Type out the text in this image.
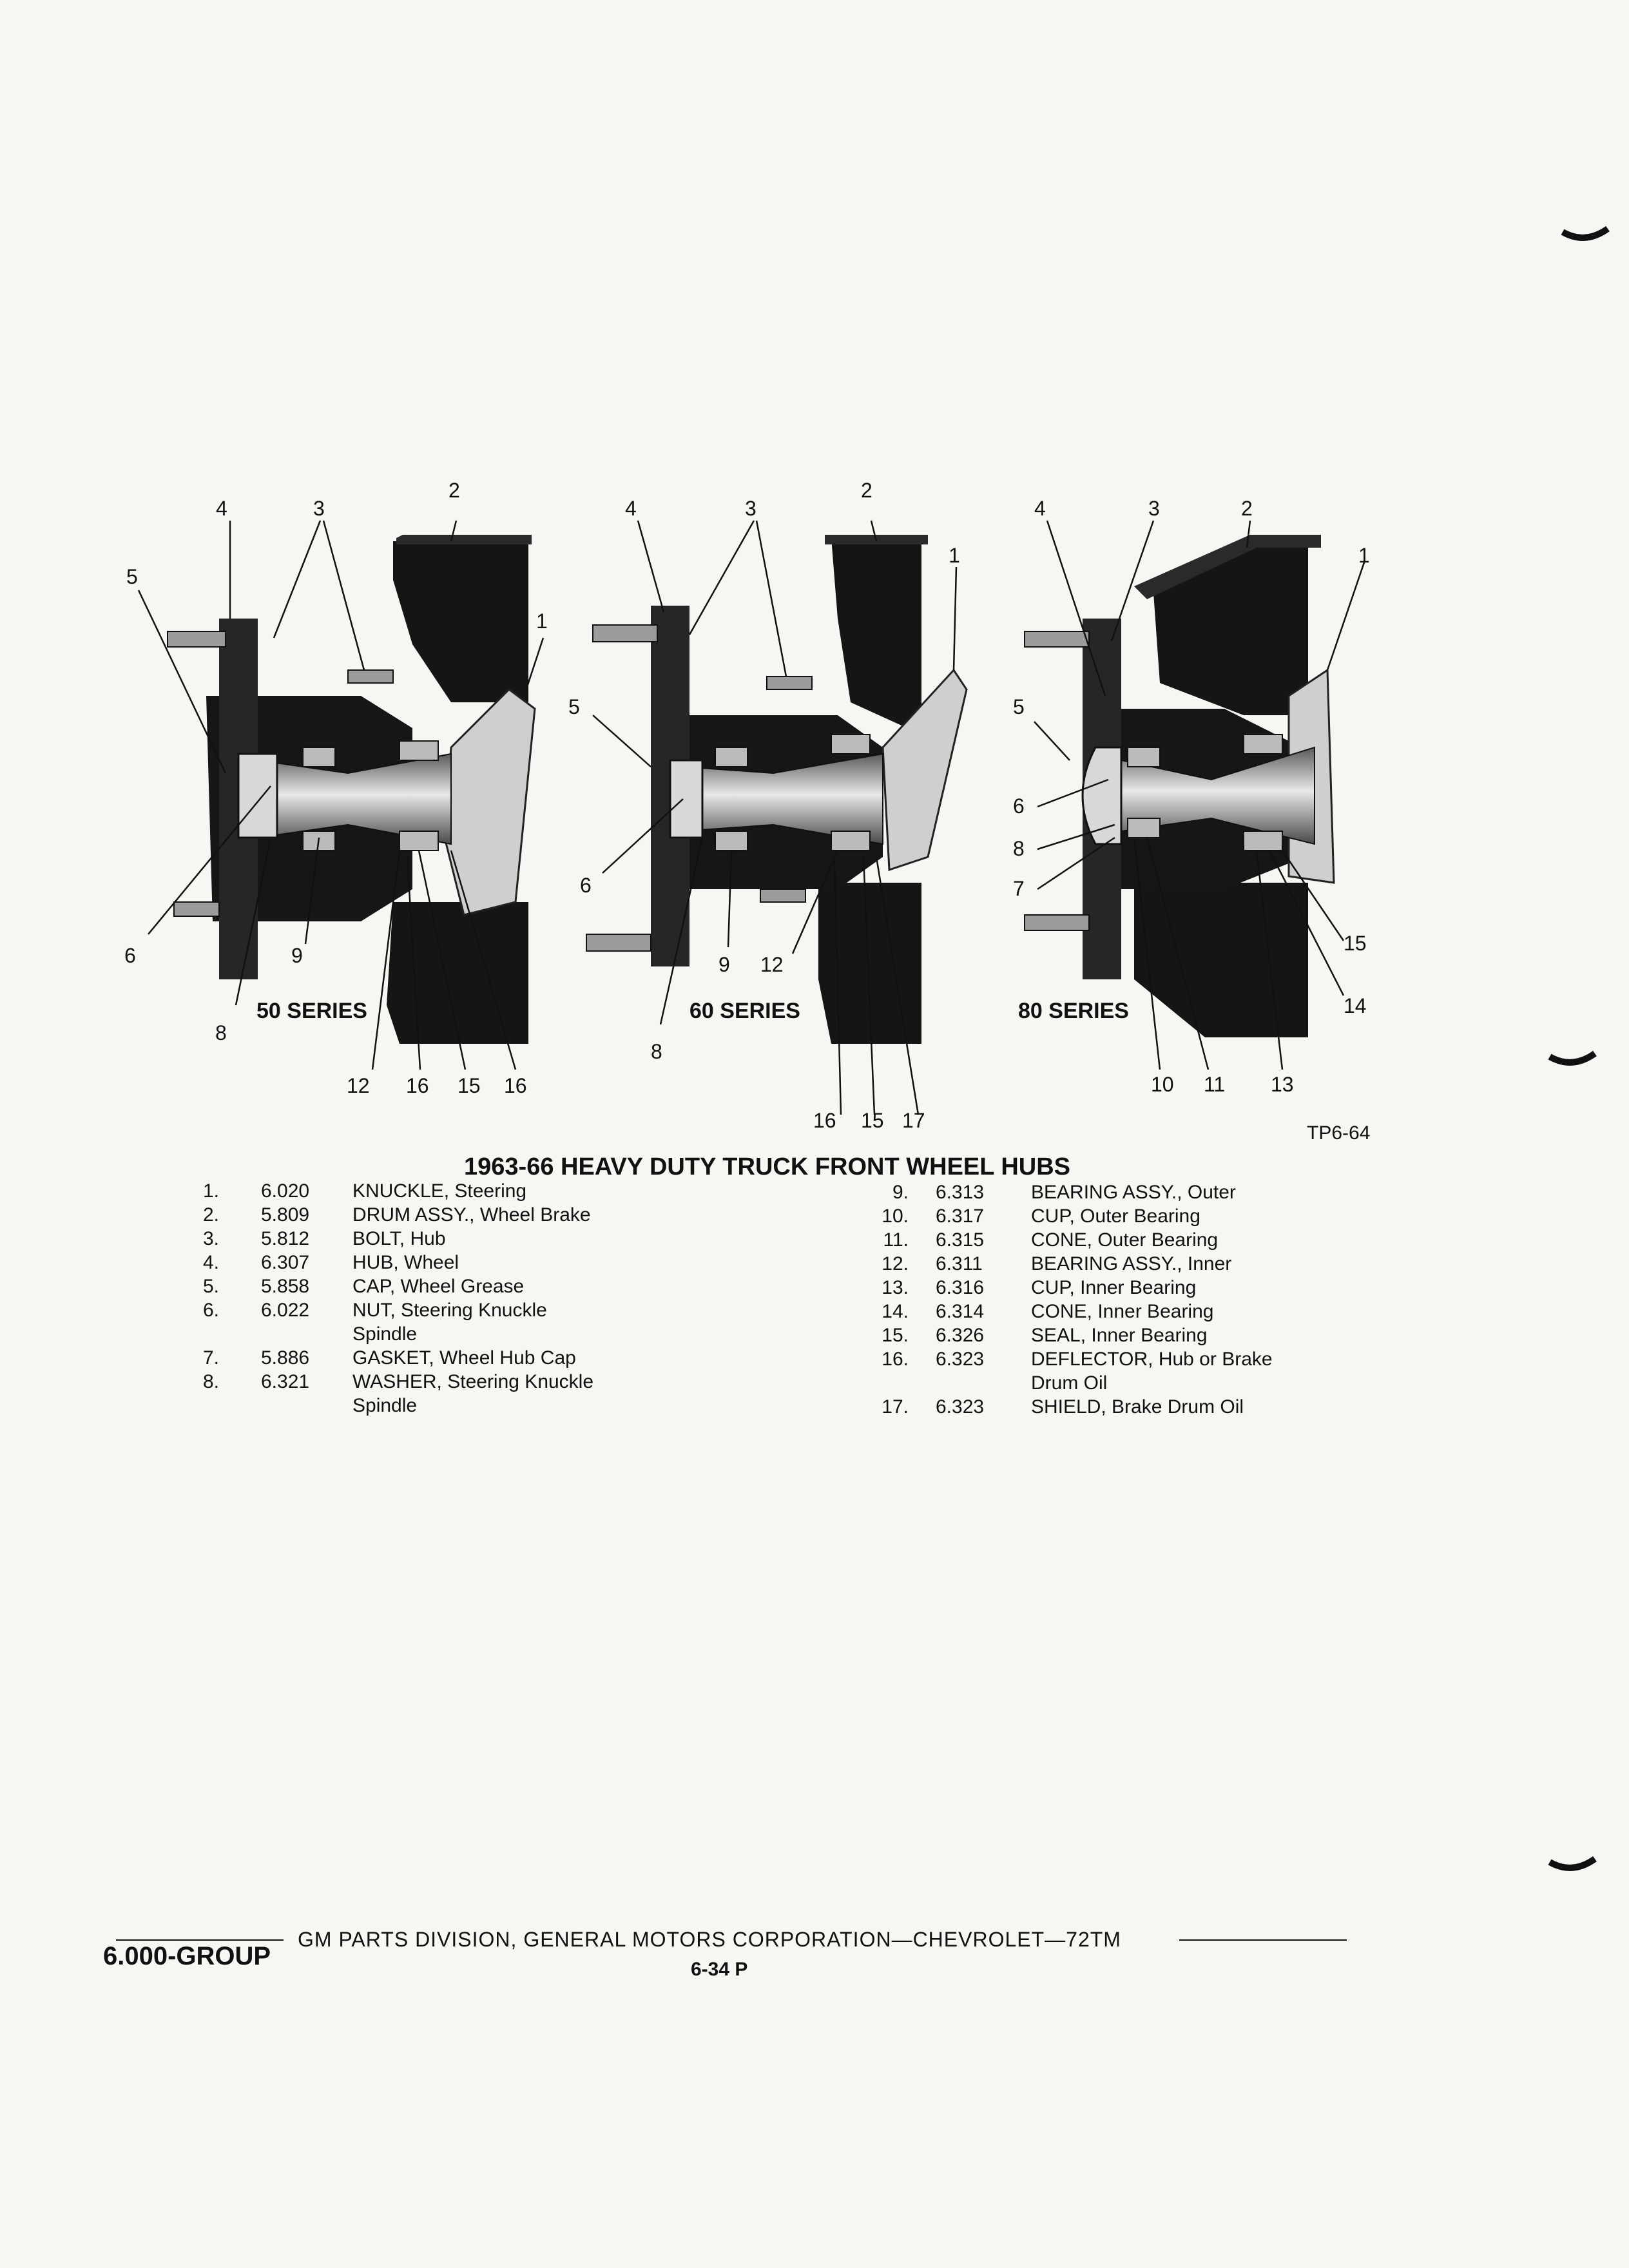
4	3
2
1
5
6	9
8
12 16 15 16
50 SERIES
4	3
2
1
5
6
9 12
8
16 15 17
60 SERIES
4	3	2
1
5
6
8
7
15
14
10 11 13
80 SERIES
TP6-64
1963-66 HEAVY DUTY TRUCK FRONT WHEEL HUBS
1. 6.020 KNUCKLE, Steering
2. 5.809 DRUM ASSY., Wheel Brake
3. 5.812 BOLT, Hub
4. 6.307 HUB, Wheel
5. 5.858 CAP, Wheel Grease
6. 6.022 NUT, Steering Knuckle
Spindle
7. 5.886 GASKET, Wheel Hub Cap
8. 6.321 WASHER, Steering Knuckle
Spindle
9. 6.313 BEARING ASSY., Outer
10. 6.317 CUP, Outer Bearing
11. 6.315 CONE, Outer Bearing
12. 6.311	BEARING ASSY., Inner
13. 6.316 CUP, Inner Bearing
14. 6.314 CONE, Inner Bearing
15. 6.326 SEAL, Inner Bearing
16. 6.323 DEFLECTOR, Hub or Brake
Drum Oil
17. 6.323 SHIELD, Brake Drum Oil
GM PARTS DIVISION, GENERAL MOTORS CORPORATION—CHEVROLET—72TM
6.000-GROUP	6-34 P
